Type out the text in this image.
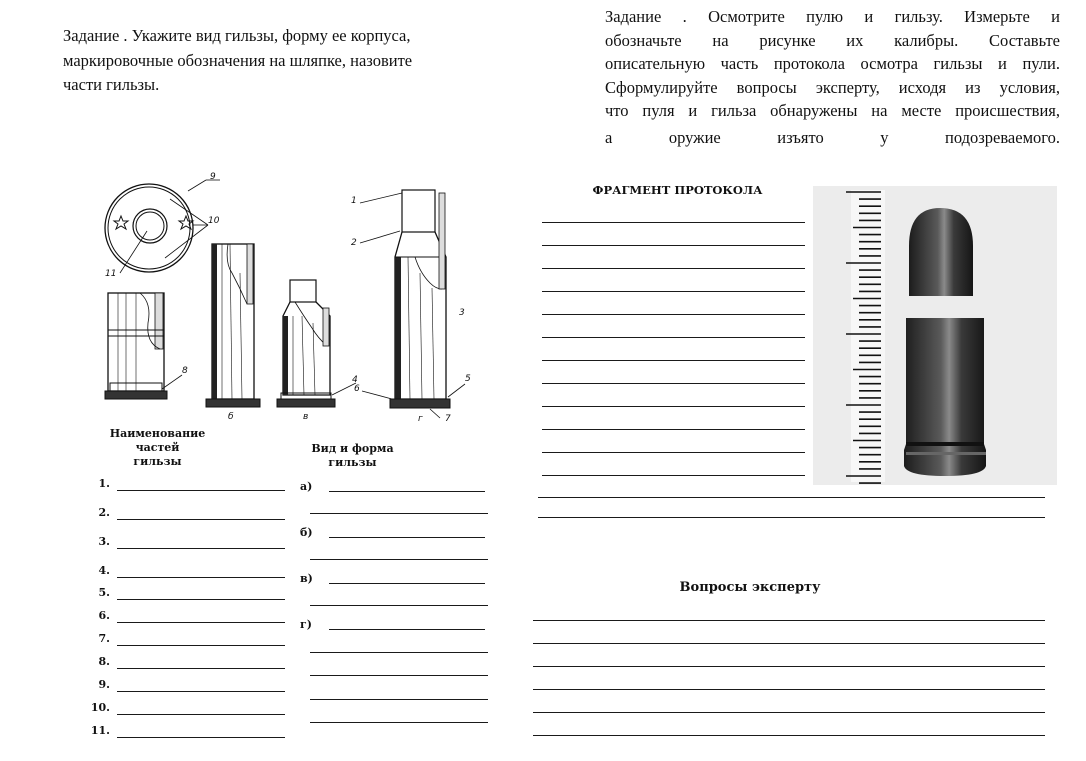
Задание . Укажите вид гильзы, форму ее корпуса,
маркировочные обозначения на шляпке, назовите
части гильзы.
Задание . Осмотрите пулю и гильзу. Измерьте и
обозначьте на рисунке их калибры. Составьте
описательную часть протокола осмотра гильзы и пули.
Сформулируйте вопросы эксперту, исходя из условия,
что пуля и гильза обнаружены на месте происшествия,
а оружие изъято у подозреваемого.
1
2
3
4	5
6
7
8
9
10
11
б	в	г
Наименование
частей
гильзы
Вид и форма
гильзы
1.
2.
3.
4.
5.
6.
7.
8.
9.
10.
11.
а)
б)
в)
г)
ФРАГМЕНТ ПРОТОКОЛА
Вопросы эксперту
